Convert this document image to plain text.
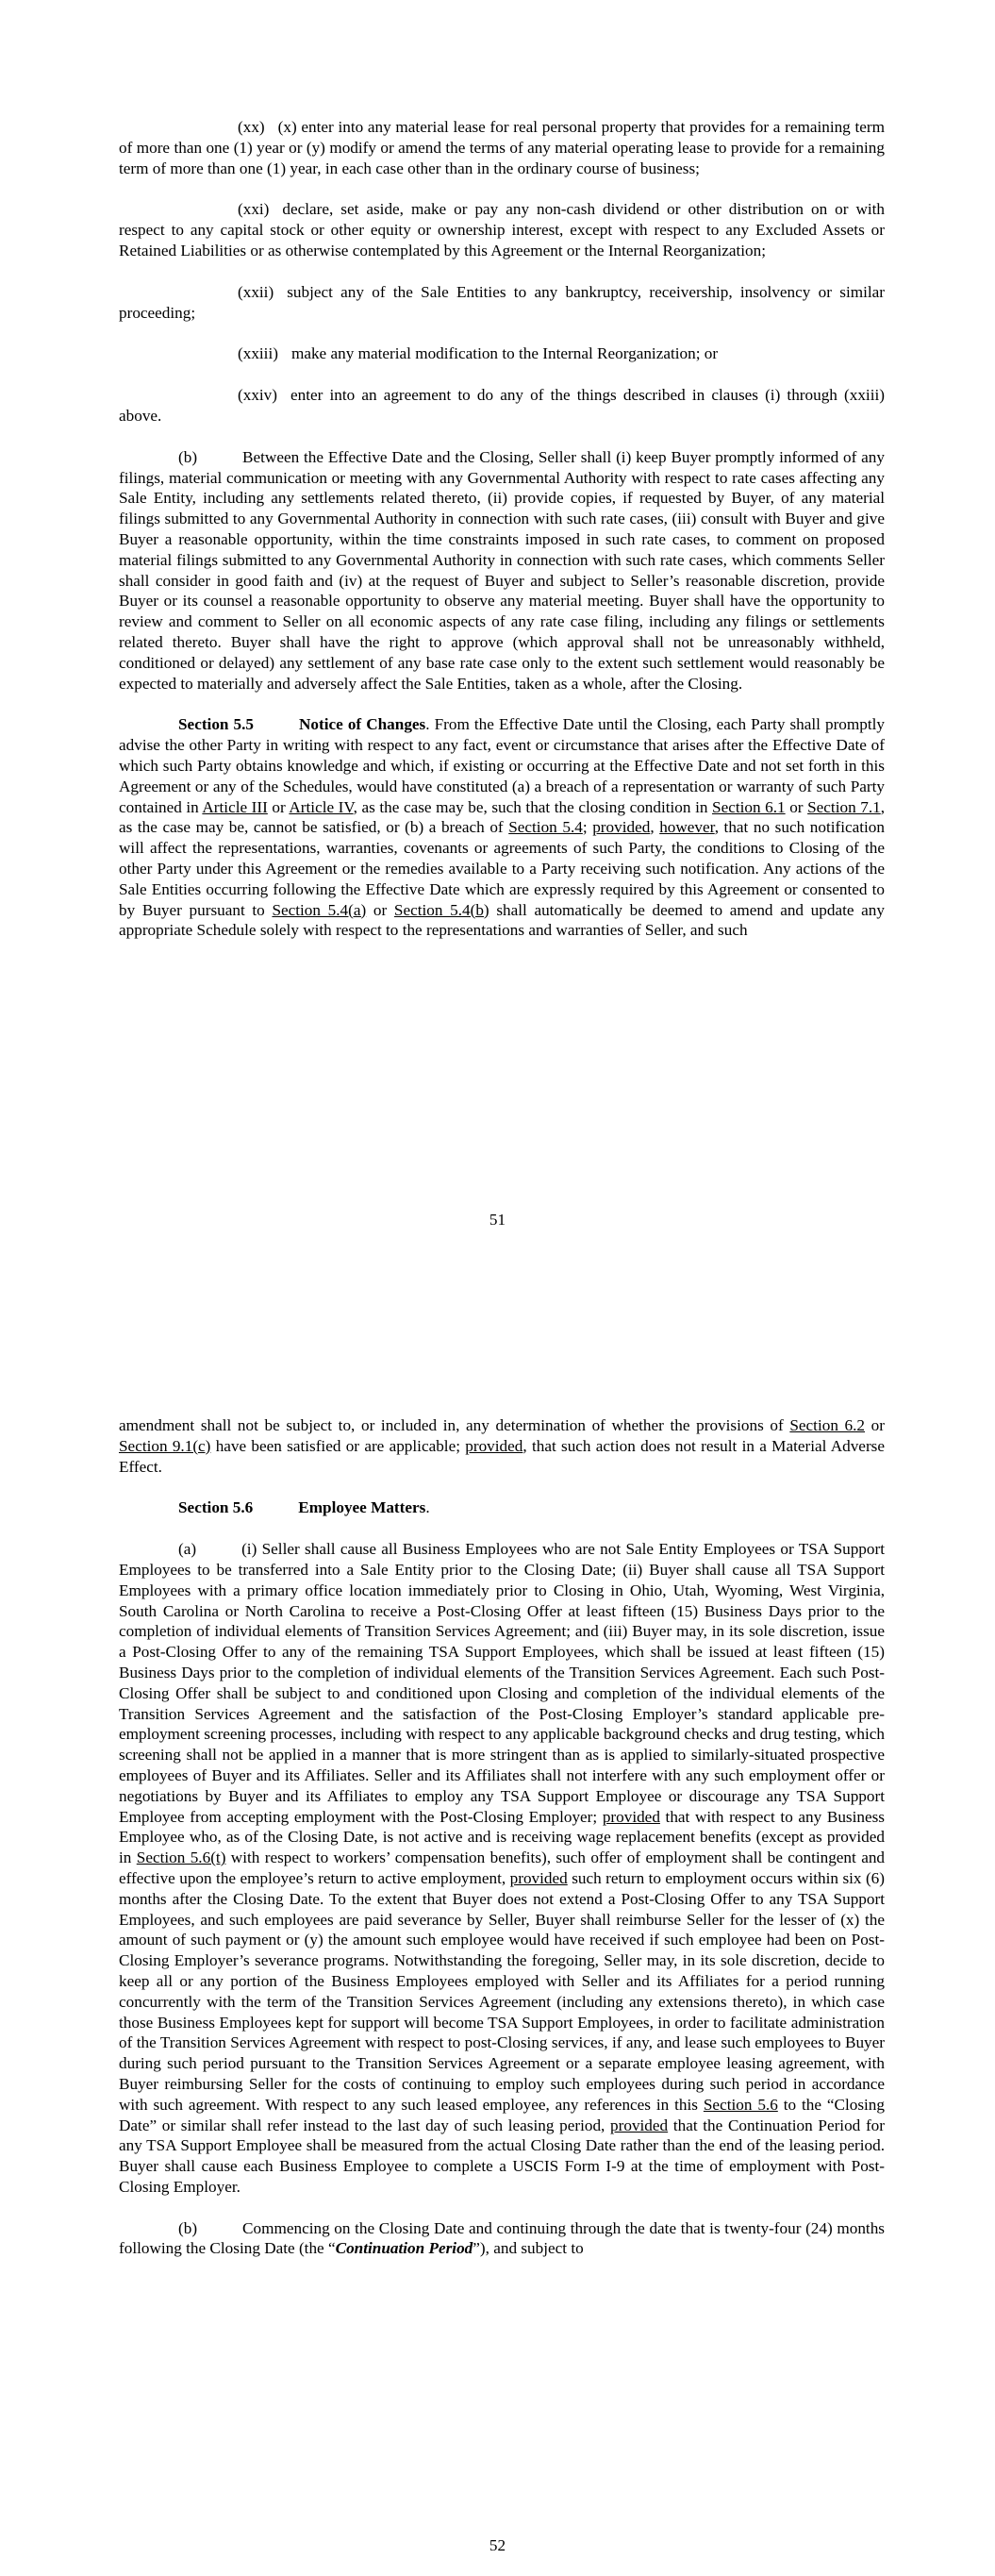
(xx) (x) enter into any material lease for real personal property that provides for a remaining term of more than one (1) year or (y) modify or amend the terms of any material operating lease to provide for a remaining term of more than one (1) year, in each case other than in the ordinary course of business;

(xxi) declare, set aside, make or pay any non-cash dividend or other distribution on or with respect to any capital stock or other equity or ownership interest, except with respect to any Excluded Assets or Retained Liabilities or as otherwise contemplated by this Agreement or the Internal Reorganization;

(xxii) subject any of the Sale Entities to any bankruptcy, receivership, insolvency or similar proceeding;

(xxiii) make any material modification to the Internal Reorganization; or

(xxiv) enter into an agreement to do any of the things described in clauses (i) through (xxiii) above.

(b)	Between the Effective Date and the Closing, Seller shall (i) keep Buyer promptly informed of any filings, material communication or meeting with any Governmental Authority with respect to rate cases affecting any Sale Entity, including any settlements related thereto, (ii) provide copies, if requested by Buyer, of any material filings submitted to any Governmental Authority in connection with such rate cases, (iii) consult with Buyer and give Buyer a reasonable opportunity, within the time constraints imposed in such rate cases, to comment on proposed material filings submitted to any Governmental Authority in connection with such rate cases, which comments Seller shall consider in good faith and (iv) at the request of Buyer and subject to Seller’s reasonable discretion, provide Buyer or its counsel a reasonable opportunity to observe any material meeting. Buyer shall have the opportunity to review and comment to Seller on all economic aspects of any rate case filing, including any filings or settlements related thereto. Buyer shall have the right to approve (which approval shall not be unreasonably withheld, conditioned or delayed) any settlement of any base rate case only to the extent such settlement would reasonably be expected to materially and adversely affect the Sale Entities, taken as a whole, after the Closing.

Section 5.5	Notice of Changes. From the Effective Date until the Closing, each Party shall promptly advise the other Party in writing with respect to any fact, event or circumstance that arises after the Effective Date of which such Party obtains knowledge and which, if existing or occurring at the Effective Date and not set forth in this Agreement or any of the Schedules, would have constituted (a) a breach of a representation or warranty of such Party contained in Article III or Article IV, as the case may be, such that the closing condition in Section 6.1 or Section 7.1, as the case may be, cannot be satisfied, or (b) a breach of Section 5.4; provided, however, that no such notification will affect the representations, warranties, covenants or agreements of such Party, the conditions to Closing of the other Party under this Agreement or the remedies available to a Party receiving such notification. Any actions of the Sale Entities occurring following the Effective Date which are expressly required by this Agreement or consented to by Buyer pursuant to Section 5.4(a) or Section 5.4(b) shall automatically be deemed to amend and update any appropriate Schedule solely with respect to the representations and warranties of Seller, and such

51

amendment shall not be subject to, or included in, any determination of whether the provisions of Section 6.2 or Section 9.1(c) have been satisfied or are applicable; provided, that such action does not result in a Material Adverse Effect.

Section 5.6	Employee Matters.

(a)	(i) Seller shall cause all Business Employees who are not Sale Entity Employees or TSA Support Employees to be transferred into a Sale Entity prior to the Closing Date; (ii) Buyer shall cause all TSA Support Employees with a primary office location immediately prior to Closing in Ohio, Utah, Wyoming, West Virginia, South Carolina or North Carolina to receive a Post-Closing Offer at least fifteen (15) Business Days prior to the completion of individual elements of Transition Services Agreement; and (iii) Buyer may, in its sole discretion, issue a Post-Closing Offer to any of the remaining TSA Support Employees, which shall be issued at least fifteen (15) Business Days prior to the completion of individual elements of the Transition Services Agreement. Each such Post-Closing Offer shall be subject to and conditioned upon Closing and completion of the individual elements of the Transition Services Agreement and the satisfaction of the Post-Closing Employer’s standard applicable pre-employment screening processes, including with respect to any applicable background checks and drug testing, which screening shall not be applied in a manner that is more stringent than as is applied to similarly-situated prospective employees of Buyer and its Affiliates. Seller and its Affiliates shall not interfere with any such employment offer or negotiations by Buyer and its Affiliates to employ any TSA Support Employee or discourage any TSA Support Employee from accepting employment with the Post-Closing Employer; provided that with respect to any Business Employee who, as of the Closing Date, is not active and is receiving wage replacement benefits (except as provided in Section 5.6(t) with respect to workers’ compensation benefits), such offer of employment shall be contingent and effective upon the employee’s return to active employment, provided such return to employment occurs within six (6) months after the Closing Date. To the extent that Buyer does not extend a Post-Closing Offer to any TSA Support Employees, and such employees are paid severance by Seller, Buyer shall reimburse Seller for the lesser of (x) the amount of such payment or (y) the amount such employee would have received if such employee had been on Post-Closing Employer’s severance programs. Notwithstanding the foregoing, Seller may, in its sole discretion, decide to keep all or any portion of the Business Employees employed with Seller and its Affiliates for a period running concurrently with the term of the Transition Services Agreement (including any extensions thereto), in which case those Business Employees kept for support will become TSA Support Employees, in order to facilitate administration of the Transition Services Agreement with respect to post-Closing services, if any, and lease such employees to Buyer during such period pursuant to the Transition Services Agreement or a separate employee leasing agreement, with Buyer reimbursing Seller for the costs of continuing to employ such employees during such period in accordance with such agreement. With respect to any such leased employee, any references in this Section 5.6 to the “Closing Date” or similar shall refer instead to the last day of such leasing period, provided that the Continuation Period for any TSA Support Employee shall be measured from the actual Closing Date rather than the end of the leasing period. Buyer shall cause each Business Employee to complete a USCIS Form I-9 at the time of employment with Post-Closing Employer.

(b)	Commencing on the Closing Date and continuing through the date that is twenty-four (24) months following the Closing Date (the “Continuation Period”), and subject to

52
